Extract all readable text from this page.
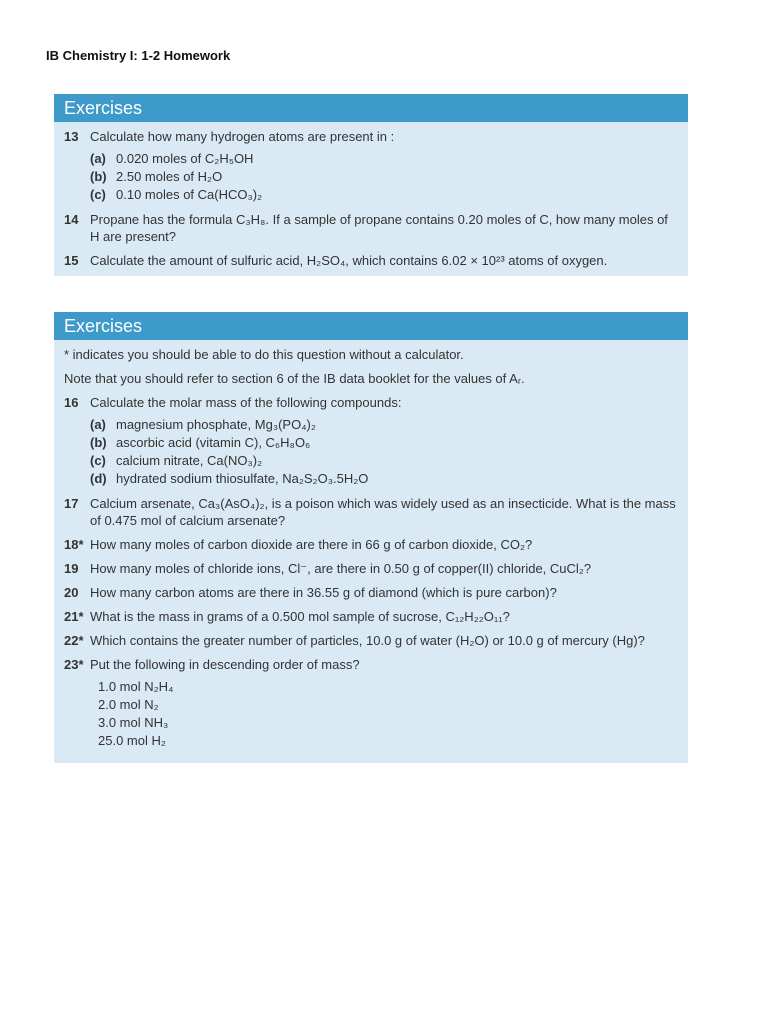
IB Chemistry I: 1-2 Homework
Exercises
13 Calculate how many hydrogen atoms are present in :
(a) 0.020 moles of C₂H₅OH
(b) 2.50 moles of H₂O
(c) 0.10 moles of Ca(HCO₃)₂
14 Propane has the formula C₃H₈. If a sample of propane contains 0.20 moles of C, how many moles of H are present?
15 Calculate the amount of sulfuric acid, H₂SO₄, which contains 6.02 × 10²³ atoms of oxygen.
Exercises
* indicates you should be able to do this question without a calculator.
Note that you should refer to section 6 of the IB data booklet for the values of Aᵣ.
16 Calculate the molar mass of the following compounds:
(a) magnesium phosphate, Mg₃(PO₄)₂
(b) ascorbic acid (vitamin C), C₆H₈O₆
(c) calcium nitrate, Ca(NO₃)₂
(d) hydrated sodium thiosulfate, Na₂S₂O₃.5H₂O
17 Calcium arsenate, Ca₃(AsO₄)₂, is a poison which was widely used as an insecticide. What is the mass of 0.475 mol of calcium arsenate?
18* How many moles of carbon dioxide are there in 66 g of carbon dioxide, CO₂?
19 How many moles of chloride ions, Cl⁻, are there in 0.50 g of copper(II) chloride, CuCl₂?
20 How many carbon atoms are there in 36.55 g of diamond (which is pure carbon)?
21* What is the mass in grams of a 0.500 mol sample of sucrose, C₁₂H₂₂O₁₁?
22* Which contains the greater number of particles, 10.0 g of water (H₂O) or 10.0 g of mercury (Hg)?
23* Put the following in descending order of mass?
1.0 mol N₂H₄
2.0 mol N₂
3.0 mol NH₃
25.0 mol H₂
